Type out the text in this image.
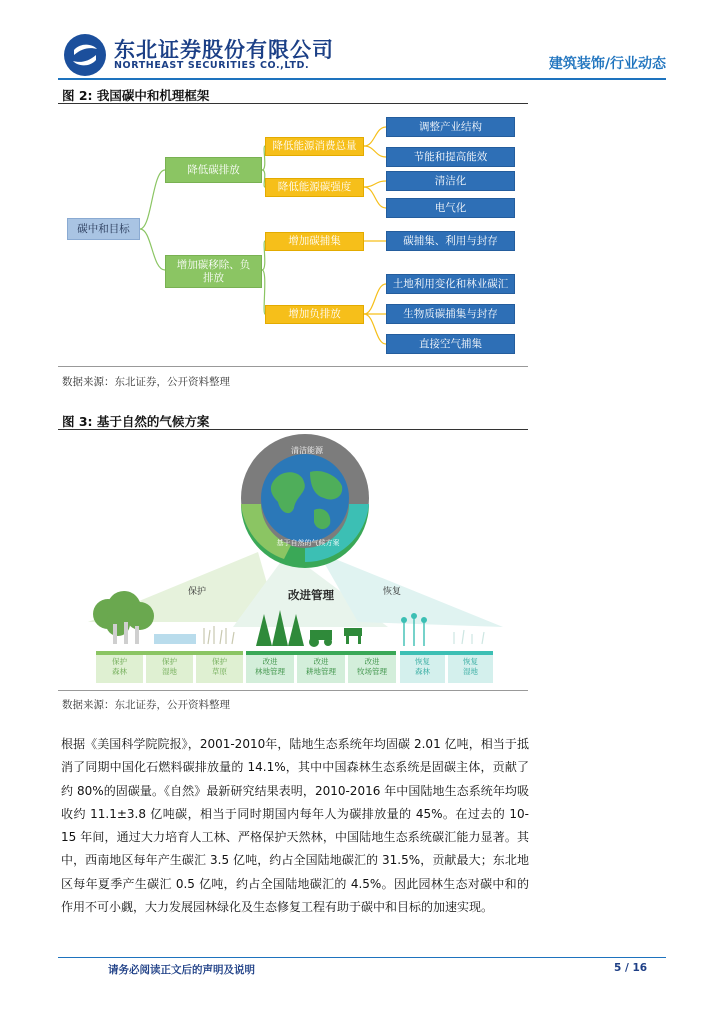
东北证券股份有限公司
NORTHEAST SECURITIES CO.,LTD.	建筑装饰/行业动态
图 2: 我国碳中和机理框架
碳中和目标
降低碳排放
增加碳移除、负排放
降低能源消费总量
降低能源碳强度
增加碳捕集
增加负排放
调整产业结构
节能和提高能效
清洁化
电气化
碳捕集、利用与封存
土地利用变化和林业碳汇
生物质碳捕集与封存
直接空气捕集
数据来源：东北证券，公开资料整理
图 3: 基于自然的气候方案
清洁能源
基于自然的气候方案
保护	改进管理	恢复
保护
森林
保护
湿地
保护
草原
改进
林地管理
改进
耕地管理
改进
牧场管理
恢复
森林
恢复
湿地
数据来源：东北证券，公开资料整理
根据《美国科学院院报》，2001-2010年，陆地生态系统年均固碳 2.01 亿吨，相当于抵消了同期中国化石燃料碳排放量的 14.1%，其中中国森林生态系统是固碳主体，贡献了约 80%的固碳量。《自然》最新研究结果表明，2010-2016 年中国陆地生态系统年均吸收约 11.1±3.8 亿吨碳，相当于同时期国内每年人为碳排放量的 45%。在过去的 10-15 年间，通过大力培育人工林、严格保护天然林，中国陆地生态系统碳汇能力显著。其中，西南地区每年产生碳汇 3.5 亿吨，约占全国陆地碳汇的 31.5%，贡献最大；东北地区每年夏季产生碳汇 0.5 亿吨，约占全国陆地碳汇的 4.5%。因此园林生态对碳中和的作用不可小觑，大力发展园林绿化及生态修复工程有助于碳中和目标的加速实现。
请务必阅读正文后的声明及说明	5 / 16
